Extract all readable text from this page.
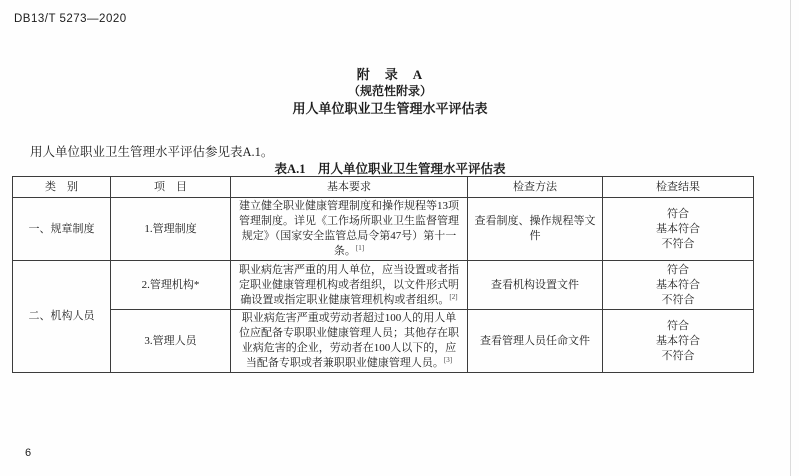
DB13/T 5273—2020
附　录　A
（规范性附录）
用人单位职业卫生管理水平评估表
用人单位职业卫生管理水平评估参见表A.1。
表A.1　用人单位职业卫生管理水平评估表
类　别	项　目	基本要求	检查方法	检查结果
一、规章制度	1.管理制度	建立健全职业健康管理制度和操作规程等13项管理制度。详见《工作场所职业卫生监督管理规定》（国家安全监管总局令第47号）第十一条。[1]	查看制度、操作规程等文件	符合
基本符合
不符合

二、机构人员	2.管理机构*	职业病危害严重的用人单位，应当设置或者指定职业健康管理机构或者组织，以文件形式明确设置或指定职业健康管理机构或者组织。[2]	查看机构设置文件	符合
基本符合
不符合

	3.管理人员	职业病危害严重或劳动者超过100人的用人单位应配备专职职业健康管理人员；其他存在职业病危害的企业，劳动者在100人以下的，应当配备专职或者兼职职业健康管理人员。[3]	查看管理人员任命文件	符合
基本符合
不符合
6
